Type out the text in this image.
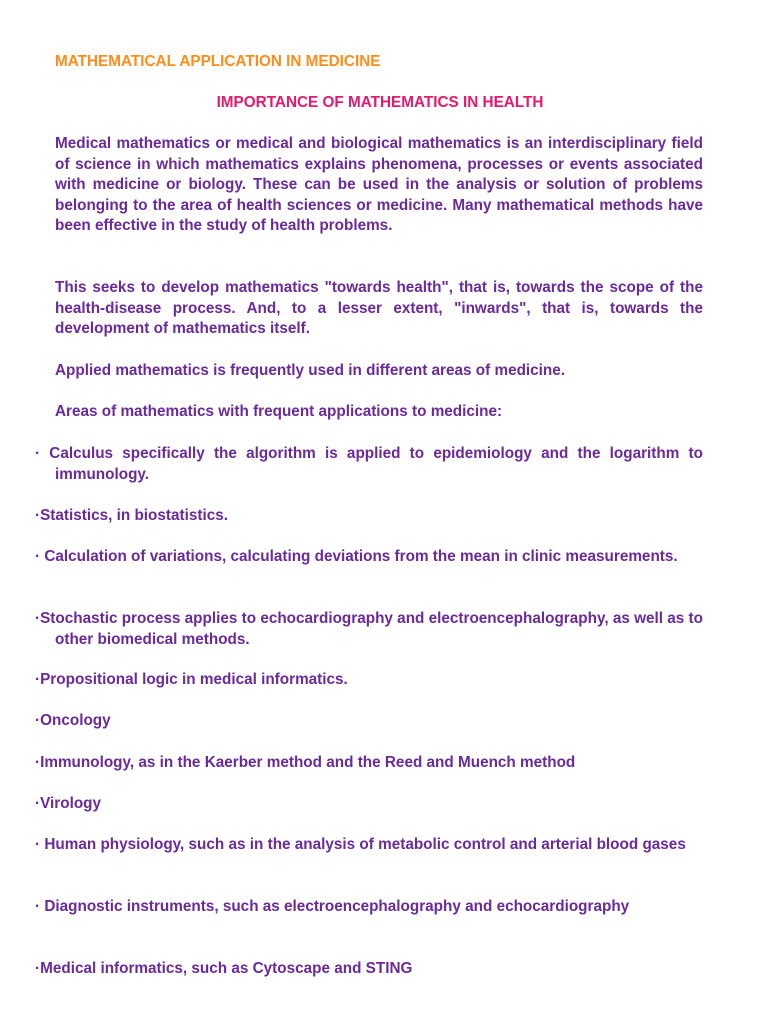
MATHEMATICAL APPLICATION IN MEDICINE
IMPORTANCE OF MATHEMATICS IN HEALTH

Medical mathematics or medical and biological mathematics is an interdisciplinary field of science in which mathematics explains phenomena, processes or events associated with medicine or biology. These can be used in the analysis or solution of problems belonging to the area of health sciences or medicine. Many mathematical methods have been effective in the study of health problems.

This seeks to develop mathematics "towards health", that is, towards the scope of the health-disease process. And, to a lesser extent, "inwards", that is, towards the development of mathematics itself.

Applied mathematics is frequently used in different areas of medicine.

Areas of mathematics with frequent applications to medicine:

· Calculus specifically the algorithm is applied to epidemiology and the logarithm to immunology.

·Statistics, in biostatistics.

· Calculation of variations, calculating deviations from the mean in clinic measurements.

·Stochastic process applies to echocardiography and electroencephalography, as well as to other biomedical methods.

·Propositional logic in medical informatics.

·Oncology

·Immunology, as in the Kaerber method and the Reed and Muench method

·Virology

· Human physiology, such as in the analysis of metabolic control and arterial blood gases

· Diagnostic instruments, such as electroencephalography and echocardiography

·Medical informatics, such as Cytoscape and STING
